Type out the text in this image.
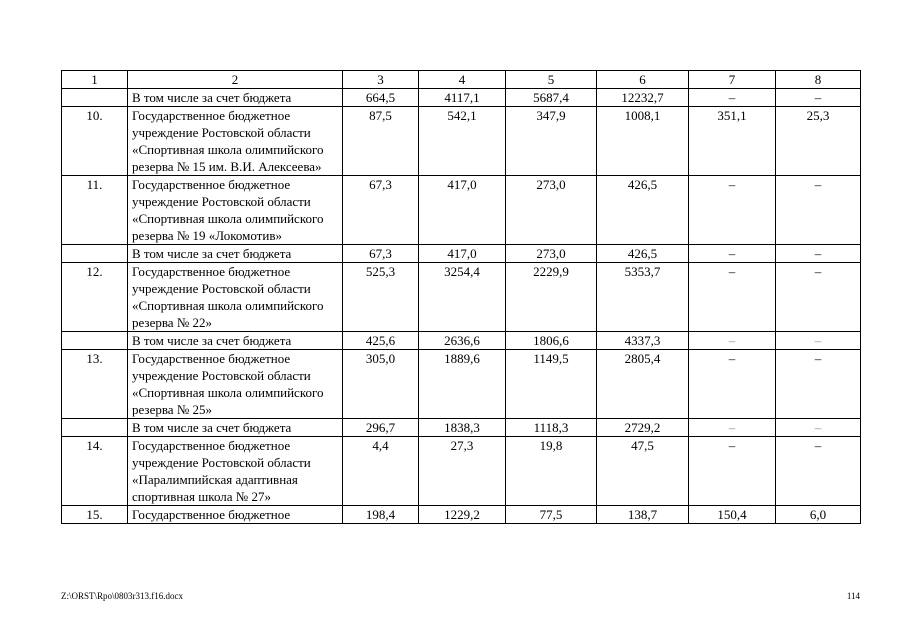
1	2	3	4	5	6	7	8
	В том числе за счет бюджета	664,5	4117,1	5687,4	12232,7	–	–
10.	Государственное бюджетное учреждение Ростовской области «Спортивная школа олимпийского резерва № 15 им. В.И. Алексеева»	87,5	542,1	347,9	1008,1	351,1	25,3
11.	Государственное бюджетное учреждение Ростовской области «Спортивная школа олимпийского резерва № 19 «Локомотив»	67,3	417,0	273,0	426,5	–	–
	В том числе за счет бюджета	67,3	417,0	273,0	426,5	–	–
12.	Государственное бюджетное учреждение Ростовской области «Спортивная школа олимпийского резерва № 22»	525,3	3254,4	2229,9	5353,7	–	–
	В том числе за счет бюджета	425,6	2636,6	1806,6	4337,3	–	–
13.	Государственное бюджетное учреждение Ростовской области «Спортивная школа олимпийского резерва № 25»	305,0	1889,6	1149,5	2805,4	–	–
	В том числе за счет бюджета	296,7	1838,3	1118,3	2729,2	–	–
14.	Государственное бюджетное учреждение Ростовской области «Паралимпийская адаптивная спортивная школа № 27»	4,4	27,3	19,8	47,5	–	–
15.	Государственное бюджетное	198,4	1229,2	77,5	138,7	150,4	6,0
Z:\ORST\Rpo\0803r313.f16.docx	114
